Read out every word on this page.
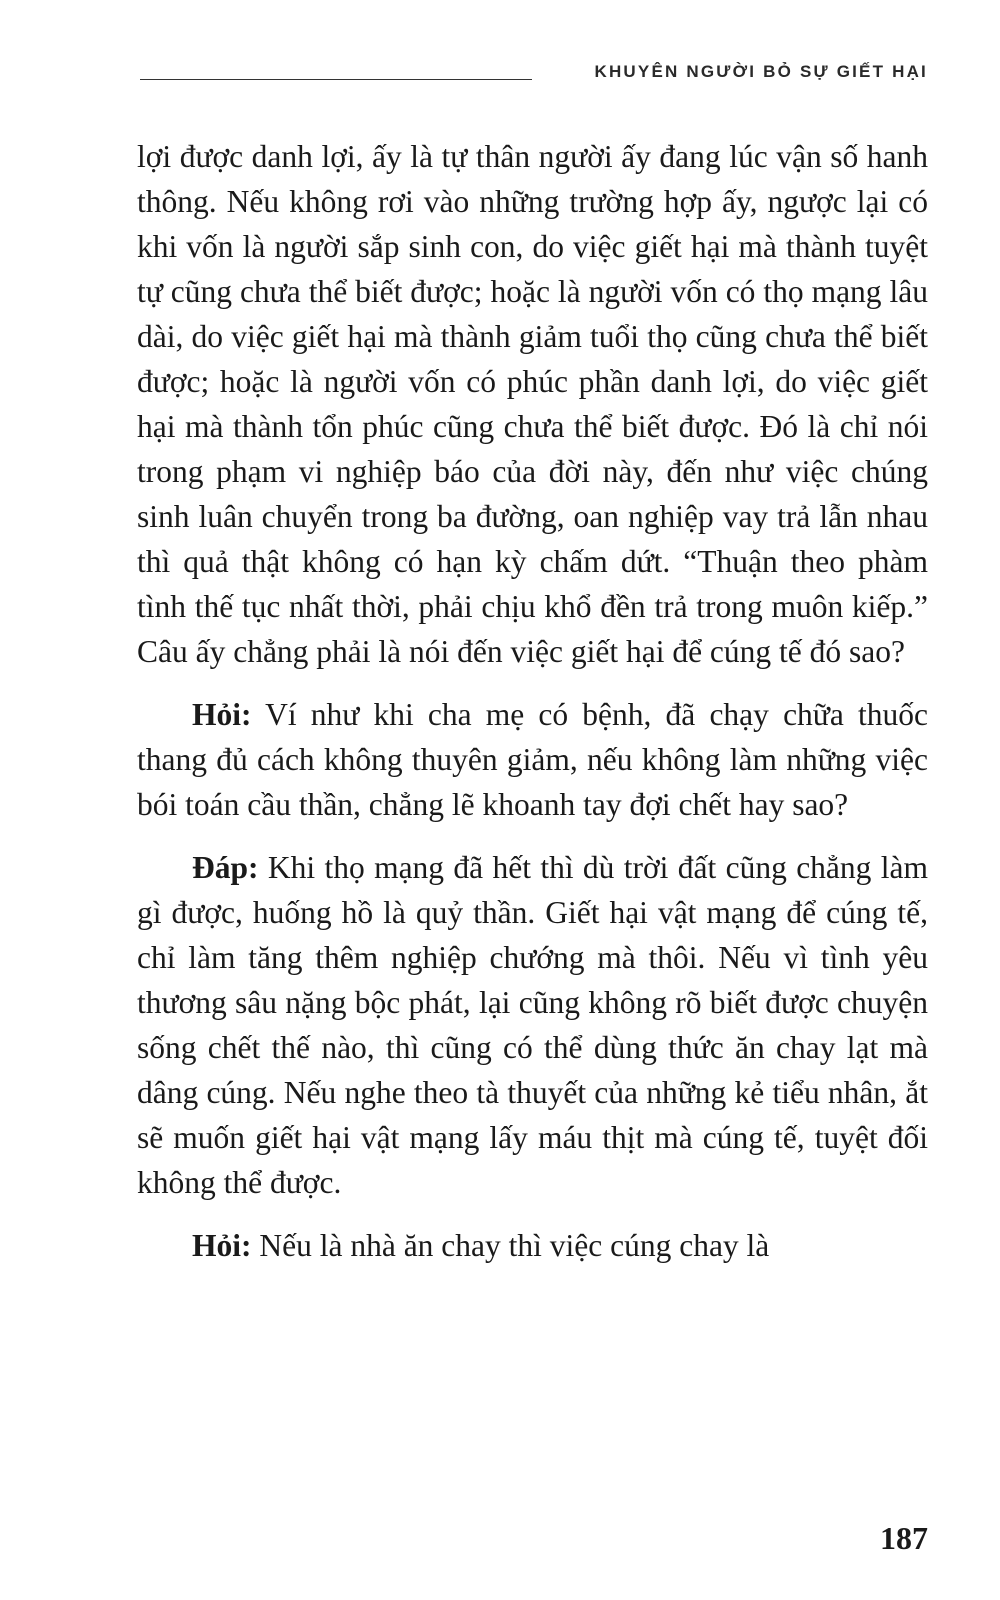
KHUYÊN NGƯỜI BỎ SỰ GIẾT HẠI

lợi được danh lợi, ấy là tự thân người ấy đang lúc vận số hanh thông. Nếu không rơi vào những trường hợp ấy, ngược lại có khi vốn là người sắp sinh con, do việc giết hại mà thành tuyệt tự cũng chưa thể biết được; hoặc là người vốn có thọ mạng lâu dài, do việc giết hại mà thành giảm tuổi thọ cũng chưa thể biết được; hoặc là người vốn có phúc phần danh lợi, do việc giết hại mà thành tổn phúc cũng chưa thể biết được. Đó là chỉ nói trong phạm vi nghiệp báo của đời này, đến như việc chúng sinh luân chuyển trong ba đường, oan nghiệp vay trả lẫn nhau thì quả thật không có hạn kỳ chấm dứt. “Thuận theo phàm tình thế tục nhất thời, phải chịu khổ đền trả trong muôn kiếp.” Câu ấy chẳng phải là nói đến việc giết hại để cúng tế đó sao?

Hỏi: Ví như khi cha mẹ có bệnh, đã chạy chữa thuốc thang đủ cách không thuyên giảm, nếu không làm những việc bói toán cầu thần, chẳng lẽ khoanh tay đợi chết hay sao?

Đáp: Khi thọ mạng đã hết thì dù trời đất cũng chẳng làm gì được, huống hồ là quỷ thần. Giết hại vật mạng để cúng tế, chỉ làm tăng thêm nghiệp chướng mà thôi. Nếu vì tình yêu thương sâu nặng bộc phát, lại cũng không rõ biết được chuyện sống chết thế nào, thì cũng có thể dùng thức ăn chay lạt mà dâng cúng. Nếu nghe theo tà thuyết của những kẻ tiểu nhân, ắt sẽ muốn giết hại vật mạng lấy máu thịt mà cúng tế, tuyệt đối không thể được.

Hỏi: Nếu là nhà ăn chay thì việc cúng chay là

187
